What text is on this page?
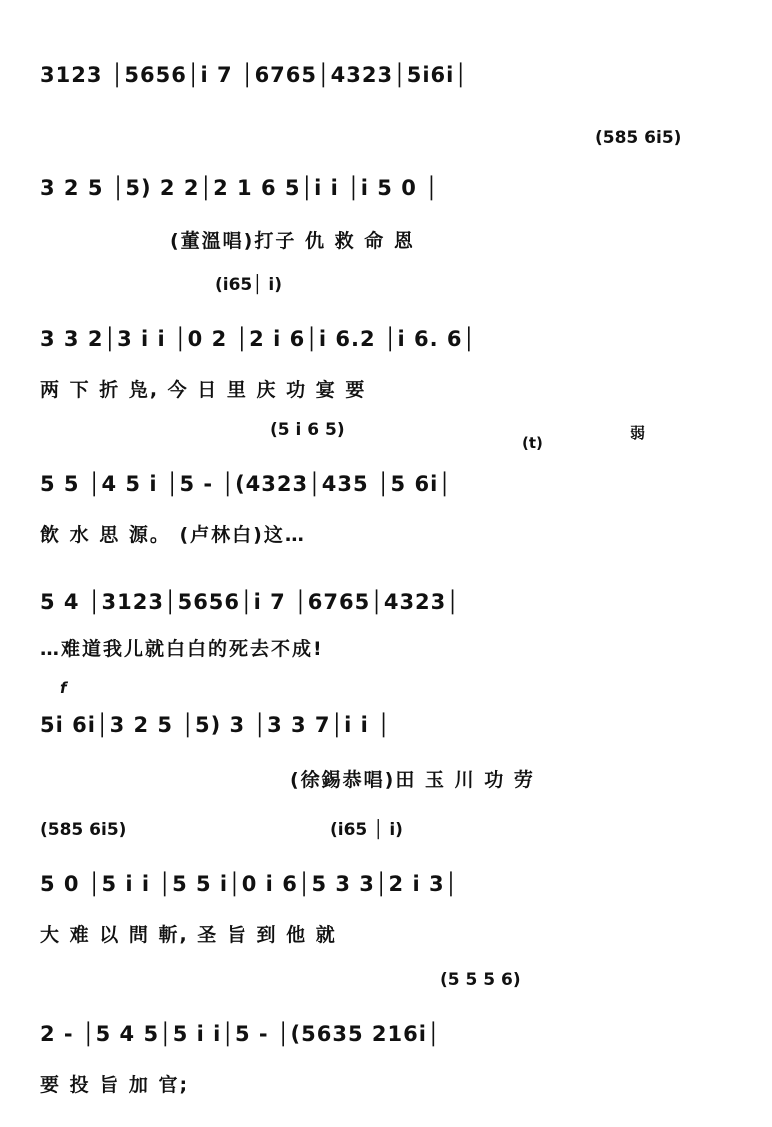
3123 │5656│i 7 │6765│4323│5i6i│
(585 6i5)
3 2 5 │5) 2 2│2 1 6 5│i i │i 5 0 │
(董溫唱)打子 仇 救 命 恩
(i65│ i)
3 3 2│3 i i │0 2 │2 i 6│i 6.2 │i 6. 6│
两 下 折 凫, 今 日 里 庆 功 宴 要
(5 i 6 5)
(t)
弱
5 5 │4 5 i │5 - │(4323│435 │5 6i│
飲 水 思 源。 (卢林白)这…
5 4 │3123│5656│i 7 │6765│4323│
…难道我儿就白白的死去不成!
f
5i 6i│3 2 5 │5) 3 │3 3 7│i i │
(徐錫恭唱)田 玉 川 功 劳
(585 6i5)	(i65 │ i)
5 0 │5 i i │5 5 i│0 i 6│5 3 3│2 i 3│
大 难 以 問 斬, 圣 旨 到 他 就
(5 5 5 6)
2 - │5 4 5│5 i i│5 - │(5635 216i│
要 投 旨 加 官;
